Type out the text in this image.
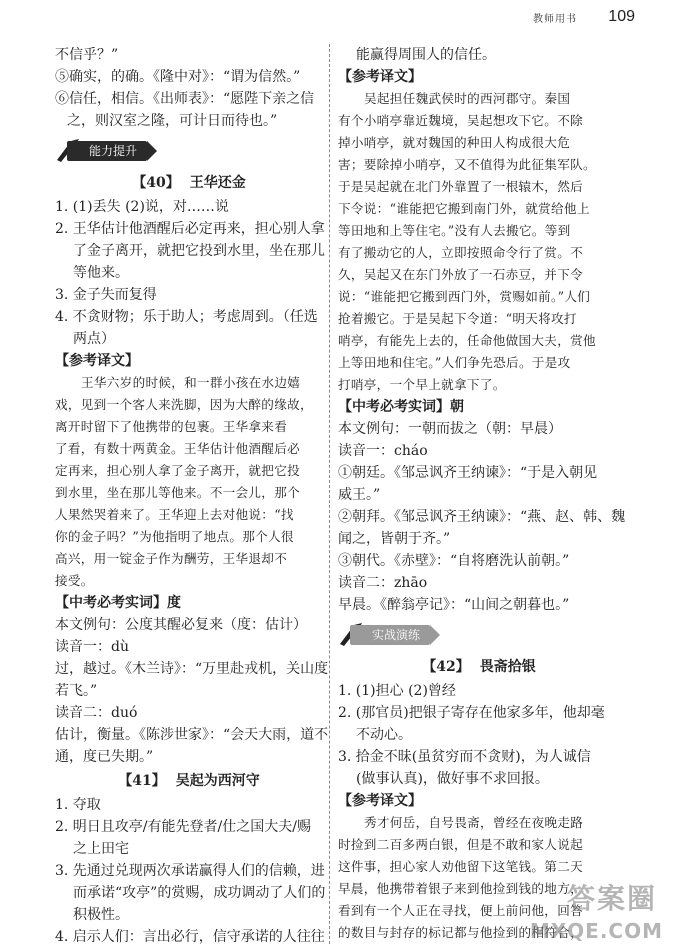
教师用书 109
不信乎？”
⑤确实，的确。《隆中对》：“谓为信然。”
⑥信任，相信。《出师表》：“愿陛下亲之信
之，则汉室之隆，可计日而待也。”
能力提升
【40】 王华还金
1. (1)丢失 (2)说，对……说
2. 王华估计他酒醒后必定再来，担心别人拿
了金子离开，就把它投到水里，坐在那儿
等他来。
3. 金子失而复得
4. 不贪财物；乐于助人；考虑周到。（任选
两点）
【参考译文】
王华六岁的时候，和一群小孩在水边嬉
戏，见到一个客人来洗脚，因为大醉的缘故，
离开时留下了他携带的包裹。王华拿来看
了看，有数十两黄金。王华估计他酒醒后必
定再来，担心别人拿了金子离开，就把它投
到水里，坐在那儿等他来。不一会儿，那个
人果然哭着来了。王华迎上去对他说：“找
你的金子吗？”为他指明了地点。那个人很
高兴，用一锭金子作为酬劳，王华退却不
接受。
【中考必考实词】度
本文例句：公度其醒必复来（度：估计）
读音一：dù
过，越过。《木兰诗》：“万里赴戎机，关山度
若飞。”
读音二：duó
估计，衡量。《陈涉世家》：“会天大雨，道不
通，度已失期。”
【41】 吴起为西河守
1. 夺取
2. 明日且攻亭/有能先登者/仕之国大夫/赐
之上田宅
3. 先通过兑现两次承诺赢得人们的信赖，进
而承诺“攻亭”的赏赐，成功调动了人们的
积极性。
4. 启示人们：言出必行，信守承诺的人往往
能赢得周围人的信任。
【参考译文】
吴起担任魏武侯时的西河郡守。秦国
有个小哨亭靠近魏境，吴起想攻下它。不除
掉小哨亭，就对魏国的种田人构成很大危
害；要除掉小哨亭，又不值得为此征集军队。
于是吴起就在北门外靠置了一根辕木，然后
下令说：“谁能把它搬到南门外，就赏给他上
等田地和上等住宅。”没有人去搬它。等到
有了搬动它的人，立即按照命令行了赏。不
久，吴起又在东门外放了一石赤豆，并下令
说：“谁能把它搬到西门外，赏赐如前。”人们
抢着搬它。于是吴起下令道：“明天将攻打
哨亭，有能先上去的，任命他做国大夫，赏他
上等田地和住宅。”人们争先恐后。于是攻
打哨亭，一个早上就拿下了。
【中考必考实词】朝
本文例句：一朝而拔之（朝：早晨）
读音一：cháo
①朝廷。《邹忌讽齐王纳谏》：“于是入朝见
威王。”
②朝拜。《邹忌讽齐王纳谏》：“燕、赵、韩、魏
闻之，皆朝于齐。”
③朝代。《赤壁》：“自将磨洗认前朝。”
读音二：zhāo
早晨。《醉翁亭记》：“山间之朝暮也。”
实战演练
【42】 畏斋拾银
1. (1)担心 (2)曾经
2. (那官员)把银子寄存在他家多年，他却毫
不动心。
3. 拾金不昧(虽贫穷而不贪财)，为人诚信
(做事认真)，做好事不求回报。
【参考译文】
秀才何岳，自号畏斋，曾经在夜晚走路
时捡到二百多两白银，但是不敢和家人说起
这件事，担心家人劝他留下这笔钱。第二天
早晨，他携带着银子来到他捡到钱的地方，
看到有一个人正在寻找，便上前问他，回答
的数目与封存的标记都与他捡到的相符合，
答案圈
MXQE.COM
